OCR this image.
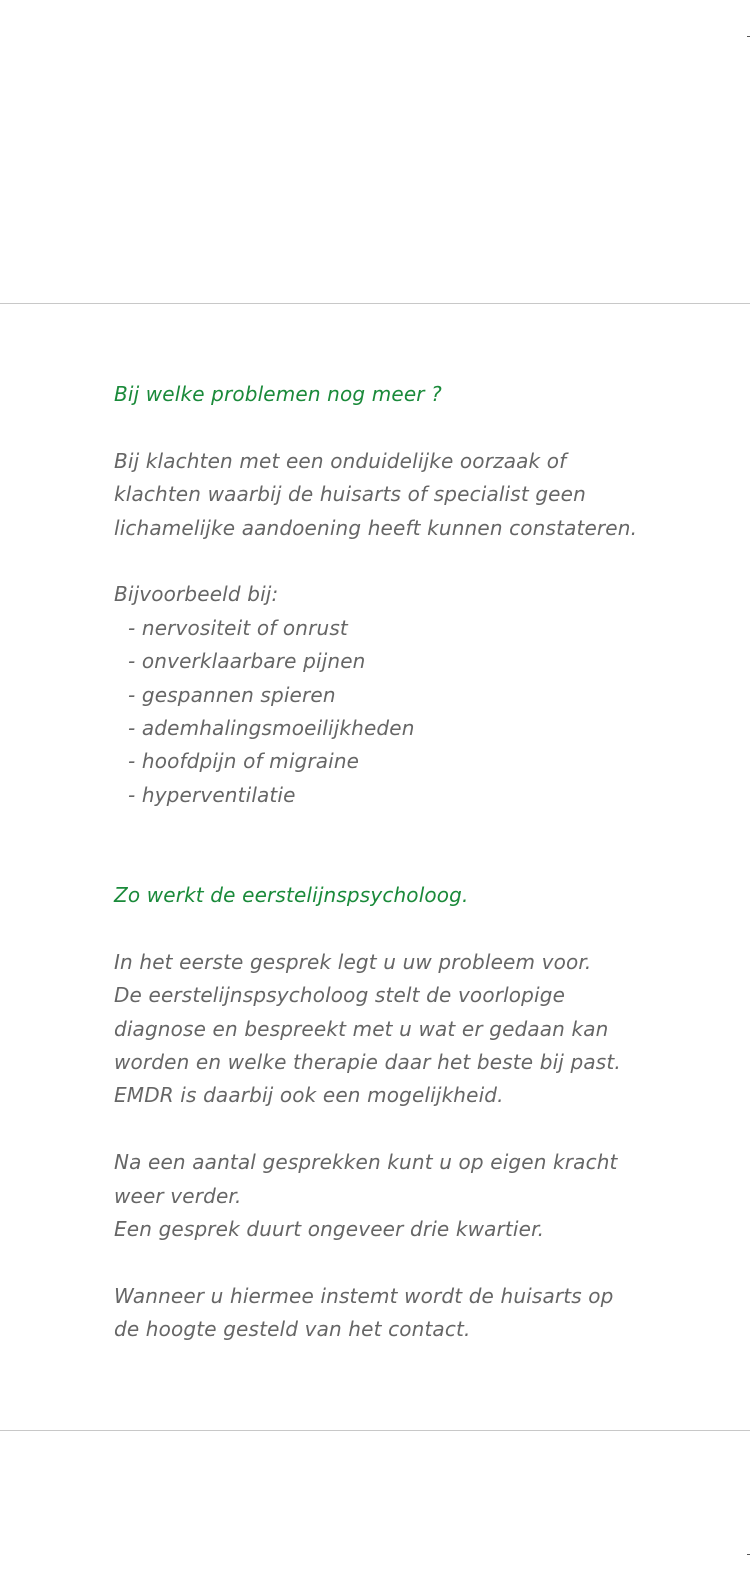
Bij welke problemen nog meer ?

Bij klachten met een onduidelijke oorzaak of
klachten waarbij de huisarts of specialist geen
lichamelijke aandoening heeft kunnen constateren.

Bijvoorbeeld bij:

- nervositeit of onrust
- onverklaarbare pijnen
- gespannen spieren
- ademhalingsmoeilijkheden
- hoofdpijn of migraine
- hyperventilatie
Zo werkt de eerstelijnspsycholoog.

In het eerste gesprek legt u uw probleem voor.
De eerstelijnspsycholoog stelt de voorlopige
diagnose en bespreekt met u wat er gedaan kan
worden en welke therapie daar het beste bij past.
EMDR is daarbij ook een mogelijkheid.

Na een aantal gesprekken kunt u op eigen kracht
weer verder.
Een gesprek duurt ongeveer drie kwartier.

Wanneer u hiermee instemt wordt de huisarts op
de hoogte gesteld van het contact.
